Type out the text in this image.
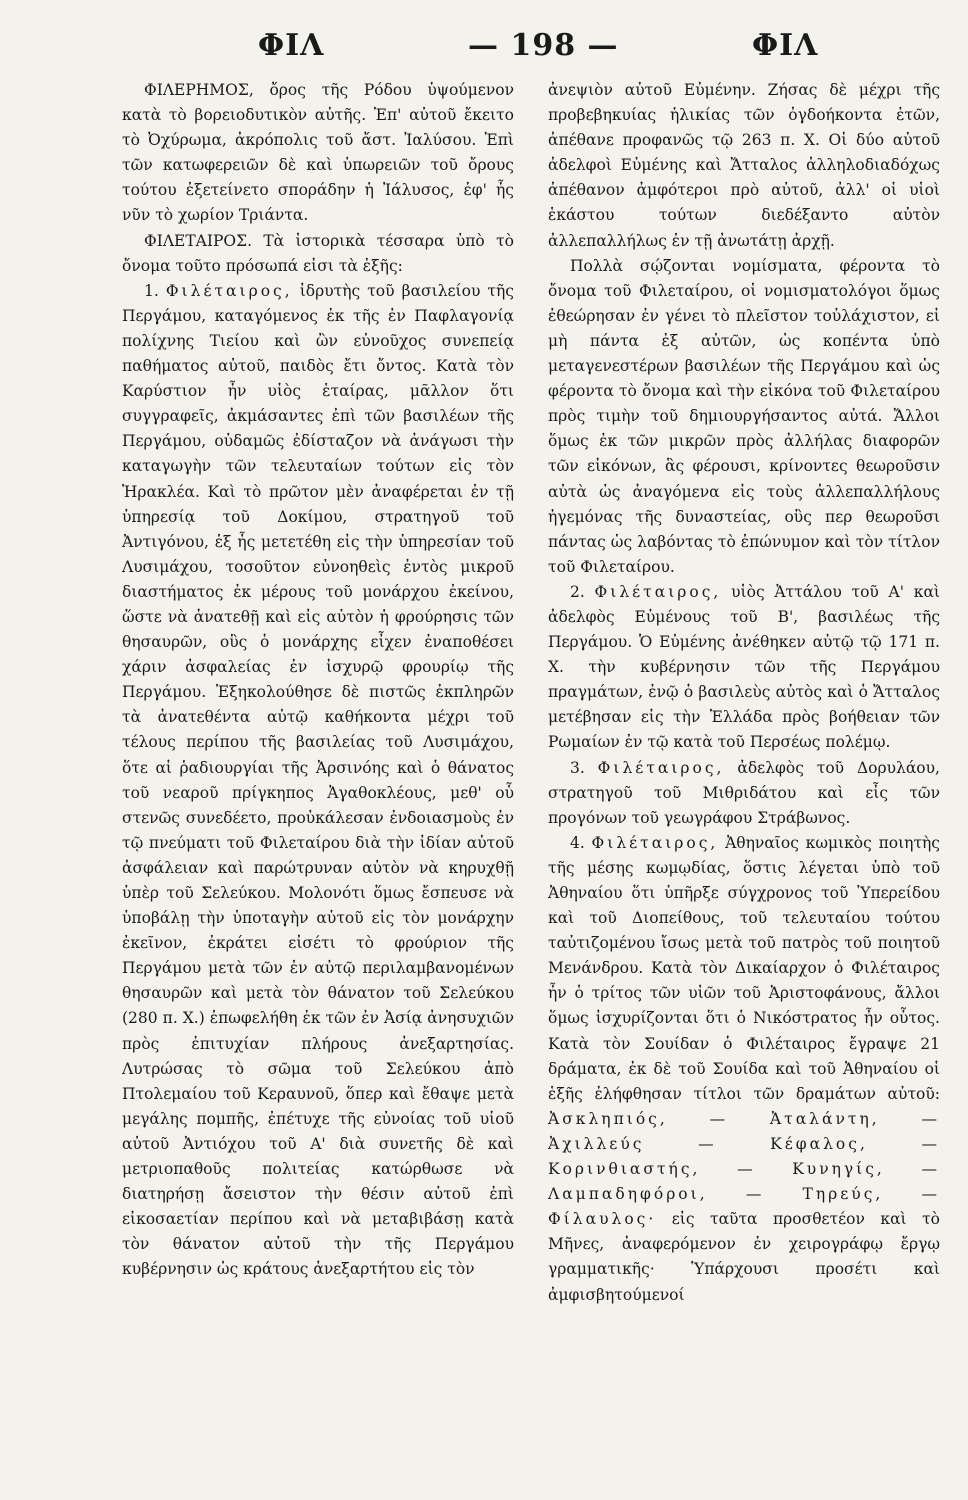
ΦΙΛ	— 198 —	ΦΙΛ

ΦΙΛΕΡΗΜΟΣ, ὄρος τῆς Ρόδου ὑψούμενον κατὰ τὸ βορειοδυτικὸν αὐτῆς. Ἐπ' αὐτοῦ ἔκειτο τὸ Ὀχύρωμα, ἀκρόπολις τοῦ ἄστ. Ἰαλύσου. Ἐπὶ τῶν κατωφερειῶν δὲ καὶ ὑπωρειῶν τοῦ ὄρους τούτου ἐξετείνετο σποράδην ἡ Ἰάλυσος, ἐφ' ἧς νῦν τὸ χωρίον Τριάντα.

ΦΙΛΕΤΑΙΡΟΣ. Τὰ ἱστορικὰ τέσσαρα ὑπὸ τὸ ὄνομα τοῦτο πρόσωπά εἰσι τὰ ἑξῆς:

1. Φιλέταιρος, ἱδρυτὴς τοῦ βασιλείου τῆς Περγάμου, καταγόμενος ἐκ τῆς ἐν Παφλαγονίᾳ πολίχνης Τιείου καὶ ὢν εὐνοῦχος συνεπείᾳ παθήματος αὐτοῦ, παιδὸς ἔτι ὄντος. Κατὰ τὸν Καρύστιον ἦν υἱὸς ἑταίρας, μᾶλλον ὅτι συγγραφεῖς, ἀκμάσαντες ἐπὶ τῶν βασιλέων τῆς Περγάμου, οὐδαμῶς ἐδίσταζον νὰ ἀνάγωσι τὴν καταγωγὴν τῶν τελευταίων τούτων εἰς τὸν Ἡρακλέα. Καὶ τὸ πρῶτον μὲν ἀναφέρεται ἐν τῇ ὑπηρεσίᾳ τοῦ Δοκίμου, στρατηγοῦ τοῦ Ἀντιγόνου, ἐξ ἧς μετετέθη εἰς τὴν ὑπηρεσίαν τοῦ Λυσιμάχου, τοσοῦτον εὐνοηθεὶς ἐντὸς μικροῦ διαστήματος ἐκ μέρους τοῦ μονάρχου ἐκείνου, ὥστε νὰ ἀνατεθῇ καὶ εἰς αὐτὸν ἡ φρούρησις τῶν θησαυρῶν, οὓς ὁ μονάρχης εἶχεν ἐναποθέσει χάριν ἀσφαλείας ἐν ἰσχυρῷ φρουρίῳ τῆς Περγάμου. Ἐξηκολούθησε δὲ πιστῶς ἐκπληρῶν τὰ ἀνατεθέντα αὐτῷ καθήκοντα μέχρι τοῦ τέλους περίπου τῆς βασιλείας τοῦ Λυσιμάχου, ὅτε αἱ ῥαδιουργίαι τῆς Ἀρσινόης καὶ ὁ θάνατος τοῦ νεαροῦ πρίγκηπος Ἀγαθοκλέους, μεθ' οὗ στενῶς συνεδέετο, προὐκάλεσαν ἐνδοιασμοὺς ἐν τῷ πνεύματι τοῦ Φιλεταίρου διὰ τὴν ἰδίαν αὐτοῦ ἀσφάλειαν καὶ παρώτρυναν αὐτὸν νὰ κηρυχθῇ ὑπὲρ τοῦ Σελεύκου. Μολονότι ὅμως ἔσπευσε νὰ ὑποβάλῃ τὴν ὑποταγὴν αὐτοῦ εἰς τὸν μονάρχην ἐκεῖνον, ἐκράτει εἰσέτι τὸ φρούριον τῆς Περγάμου μετὰ τῶν ἐν αὐτῷ περιλαμβανομένων θησαυρῶν καὶ μετὰ τὸν θάνατον τοῦ Σελεύκου (280 π. Χ.) ἐπωφελήθη ἐκ τῶν ἐν Ἀσίᾳ ἀνησυχιῶν πρὸς ἐπιτυχίαν πλήρους ἀνεξαρτησίας. Λυτρώσας τὸ σῶμα τοῦ Σελεύκου ἀπὸ Πτολεμαίου τοῦ Κεραυνοῦ, ὅπερ καὶ ἔθαψε μετὰ μεγάλης πομπῆς, ἐπέτυχε τῆς εὐνοίας τοῦ υἱοῦ αὐτοῦ Ἀντιόχου τοῦ Α' διὰ συνετῆς δὲ καὶ μετριοπαθοῦς πολιτείας κατώρθωσε νὰ διατηρήσῃ ἄσειστον τὴν θέσιν αὐτοῦ ἐπὶ εἰκοσαετίαν περίπου καὶ νὰ μεταβιβάσῃ κατὰ τὸν θάνατον αὐτοῦ τὴν τῆς Περγάμου κυβέρνησιν ὡς κράτους ἀνεξαρτήτου εἰς τὸν

ἀνεψιὸν αὐτοῦ Εὐμένην. Ζήσας δὲ μέχρι τῆς προβεβηκυίας ἡλικίας τῶν ὀγδοήκοντα ἐτῶν, ἀπέθανε προφανῶς τῷ 263 π. Χ. Οἱ δύο αὐτοῦ ἀδελφοὶ Εὐμένης καὶ Ἄτταλος ἀλληλοδιαδόχως ἀπέθανον ἀμφότεροι πρὸ αὐτοῦ, ἀλλ' οἱ υἱοὶ ἑκάστου τούτων διεδέξαντο αὐτὸν ἀλλεπαλλήλως ἐν τῇ ἀνωτάτῃ ἀρχῇ.

Πολλὰ σῴζονται νομίσματα, φέροντα τὸ ὄνομα τοῦ Φιλεταίρου, οἱ νομισματολόγοι ὅμως ἐθεώρησαν ἐν γένει τὸ πλεῖστον τοὐλάχιστον, εἰ μὴ πάντα ἐξ αὐτῶν, ὡς κοπέντα ὑπὸ μεταγενεστέρων βασιλέων τῆς Περγάμου καὶ ὡς φέροντα τὸ ὄνομα καὶ τὴν εἰκόνα τοῦ Φιλεταίρου πρὸς τιμὴν τοῦ δημιουργήσαντος αὐτά. Ἄλλοι ὅμως ἐκ τῶν μικρῶν πρὸς ἀλλήλας διαφορῶν τῶν εἰκόνων, ἃς φέρουσι, κρίνοντες θεωροῦσιν αὐτὰ ὡς ἀναγόμενα εἰς τοὺς ἀλλεπαλλήλους ἡγεμόνας τῆς δυναστείας, οὓς περ θεωροῦσι πάντας ὡς λαβόντας τὸ ἐπώνυμον καὶ τὸν τίτλον τοῦ Φιλεταίρου.

2. Φιλέταιρος, υἱὸς Ἀττάλου τοῦ Α' καὶ ἀδελφὸς Εὐμένους τοῦ Β', βασιλέως τῆς Περγάμου. Ὁ Εὐμένης ἀνέθηκεν αὐτῷ τῷ 171 π. Χ. τὴν κυβέρνησιν τῶν τῆς Περγάμου πραγμάτων, ἐνῷ ὁ βασιλεὺς αὐτὸς καὶ ὁ Ἄτταλος μετέβησαν εἰς τὴν Ἑλλάδα πρὸς βοήθειαν τῶν Ρωμαίων ἐν τῷ κατὰ τοῦ Περσέως πολέμῳ.

3. Φιλέταιρος, ἀδελφὸς τοῦ Δορυλάου, στρατηγοῦ τοῦ Μιθριδάτου καὶ εἷς τῶν προγόνων τοῦ γεωγράφου Στράβωνος.

4. Φιλέταιρος, Ἀθηναῖος κωμικὸς ποιητὴς τῆς μέσης κωμῳδίας, ὅστις λέγεται ὑπὸ τοῦ Ἀθηναίου ὅτι ὑπῆρξε σύγχρονος τοῦ Ὑπερείδου καὶ τοῦ Διοπείθους, τοῦ τελευταίου τούτου ταὐτιζομένου ἴσως μετὰ τοῦ πατρὸς τοῦ ποιητοῦ Μενάνδρου. Κατὰ τὸν Δικαίαρχον ὁ Φιλέταιρος ἦν ὁ τρίτος τῶν υἱῶν τοῦ Ἀριστοφάνους, ἄλλοι ὅμως ἰσχυρίζονται ὅτι ὁ Νικόστρατος ἦν οὗτος. Κατὰ τὸν Σουίδαν ὁ Φιλέταιρος ἔγραψε 21 δράματα, ἐκ δὲ τοῦ Σουίδα καὶ τοῦ Ἀθηναίου οἱ ἑξῆς ἐλήφθησαν τίτλοι τῶν δραμάτων αὐτοῦ: Ἀσκληπιός, — Ἀταλάντη, — Ἀχιλλεύς — Κέφαλος, — Κορινθιαστής, — Κυνηγίς, — Λαμπαδηφόροι, — Τηρεύς, — Φίλαυλος· εἰς ταῦτα προσθετέον καὶ τὸ Μῆνες, ἀναφερόμενον ἐν χειρογράφῳ ἔργῳ γραμματικῆς· Ὑπάρχουσι προσέτι καὶ ἀμφισβητούμενοί
